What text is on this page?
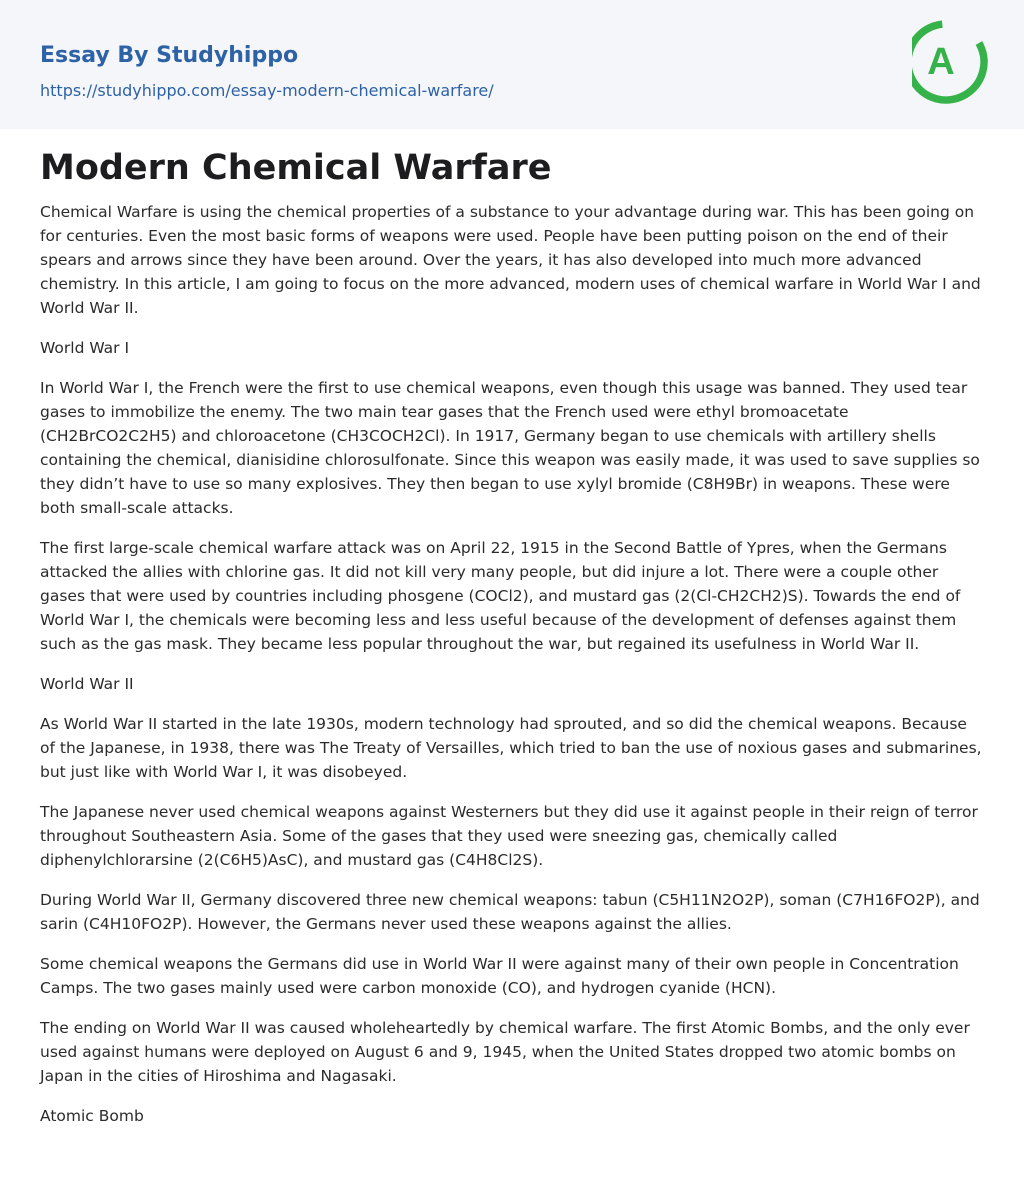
Essay By Studyhippo
https://studyhippo.com/essay-modern-chemical-warfare/
A
Modern Chemical Warfare

Chemical Warfare is using the chemical properties of a substance to your advantage during war. This has been going on for centuries. Even the most basic forms of weapons were used. People have been putting poison on the end of their spears and arrows since they have been around. Over the years, it has also developed into much more advanced chemistry. In this article, I am going to focus on the more advanced, modern uses of chemical warfare in World War I and World War II.

World War I

In World War I, the French were the first to use chemical weapons, even though this usage was banned. They used tear gases to immobilize the enemy. The two main tear gases that the French used were ethyl bromoacetate (CH2BrCO2C2H5) and chloroacetone (CH3COCH2Cl). In 1917, Germany began to use chemicals with artillery shells containing the chemical, dianisidine chlorosulfonate. Since this weapon was easily made, it was used to save supplies so they didn’t have to use so many explosives. They then began to use xylyl bromide (C8H9Br) in weapons. These were both small-scale attacks.

The first large-scale chemical warfare attack was on April 22, 1915 in the Second Battle of Ypres, when the Germans attacked the allies with chlorine gas. It did not kill very many people, but did injure a lot. There were a couple other gases that were used by countries including phosgene (COCl2), and mustard gas (2(Cl-CH2CH2)S). Towards the end of World War I, the chemicals were becoming less and less useful because of the development of defenses against them such as the gas mask. They became less popular throughout the war, but regained its usefulness in World War II.

World War II

As World War II started in the late 1930s, modern technology had sprouted, and so did the chemical weapons. Because of the Japanese, in 1938, there was The Treaty of Versailles, which tried to ban the use of noxious gases and submarines, but just like with World War I, it was disobeyed.

The Japanese never used chemical weapons against Westerners but they did use it against people in their reign of terror throughout Southeastern Asia. Some of the gases that they used were sneezing gas, chemically called diphenylchlorarsine (2(C6H5)AsC), and mustard gas (C4H8Cl2S).

During World War II, Germany discovered three new chemical weapons: tabun (C5H11N2O2P), soman (C7H16FO2P), and sarin (C4H10FO2P). However, the Germans never used these weapons against the allies.

Some chemical weapons the Germans did use in World War II were against many of their own people in Concentration Camps. The two gases mainly used were carbon monoxide (CO), and hydrogen cyanide (HCN).

The ending on World War II was caused wholeheartedly by chemical warfare. The first Atomic Bombs, and the only ever used against humans were deployed on August 6 and 9, 1945, when the United States dropped two atomic bombs on Japan in the cities of Hiroshima and Nagasaki.

Atomic Bomb
